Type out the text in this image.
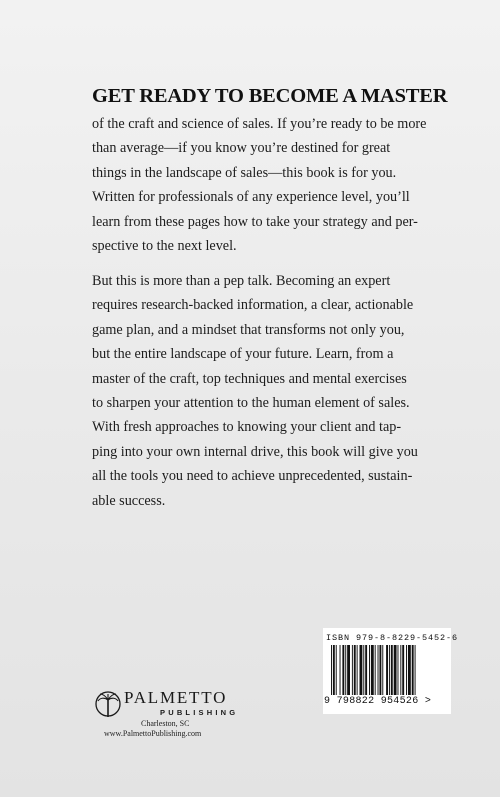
GET READY TO BECOME A MASTER
of the craft and science of sales. If you’re ready to be more
than average—if you know you’re destined for great
things in the landscape of sales—this book is for you.
Written for professionals of any experience level, you’ll
learn from these pages how to take your strategy and per-
spective to the next level.
But this is more than a pep talk. Becoming an expert
requires research-backed information, a clear, actionable
game plan, and a mindset that transforms not only you,
but the entire landscape of your future. Learn, from a
master of the craft, top techniques and mental exercises
to sharpen your attention to the human element of sales.
With fresh approaches to knowing your client and tap-
ping into your own internal drive, this book will give you
all the tools you need to achieve unprecedented, sustain-
able success.
ISBN 979-8-8229-5452-6
9 798822 954526 >
PALMETTO
PUBLISHING
Charleston, SC
www.PalmettoPublishing.com
